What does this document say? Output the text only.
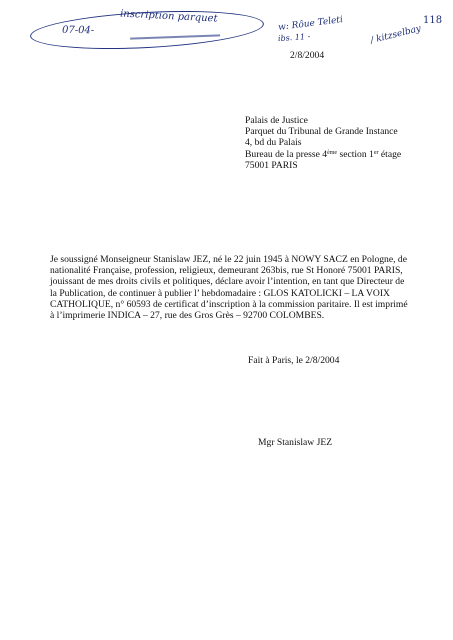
inscription parquet
07-04-
118
w: Rôue Teleti
ibs. 11 -	/ kitzselbay
2/8/2004
Palais de Justice
Parquet du Tribunal de Grande Instance
4, bd du Palais
Bureau de la presse 4ème section 1er étage
75001 PARIS
Je soussigné Monseigneur Stanislaw JEZ, né le 22 juin 1945 à NOWY SACZ en Pologne, de nationalité Française, profession, religieux, demeurant 263bis, rue St Honoré 75001 PARIS, jouissant de mes droits civils et politiques, déclare avoir l’intention, en tant que Directeur de la Publication, de continuer à publier l’ hebdomadaire : GLOS KATOLICKI – LA VOIX CATHOLIQUE, n° 60593 de certificat d’inscription à la commission paritaire. Il est imprimé à l’imprimerie INDICA – 27, rue des Gros Grès – 92700 COLOMBES.
Fait à Paris, le 2/8/2004
Mgr Stanislaw JEZ
